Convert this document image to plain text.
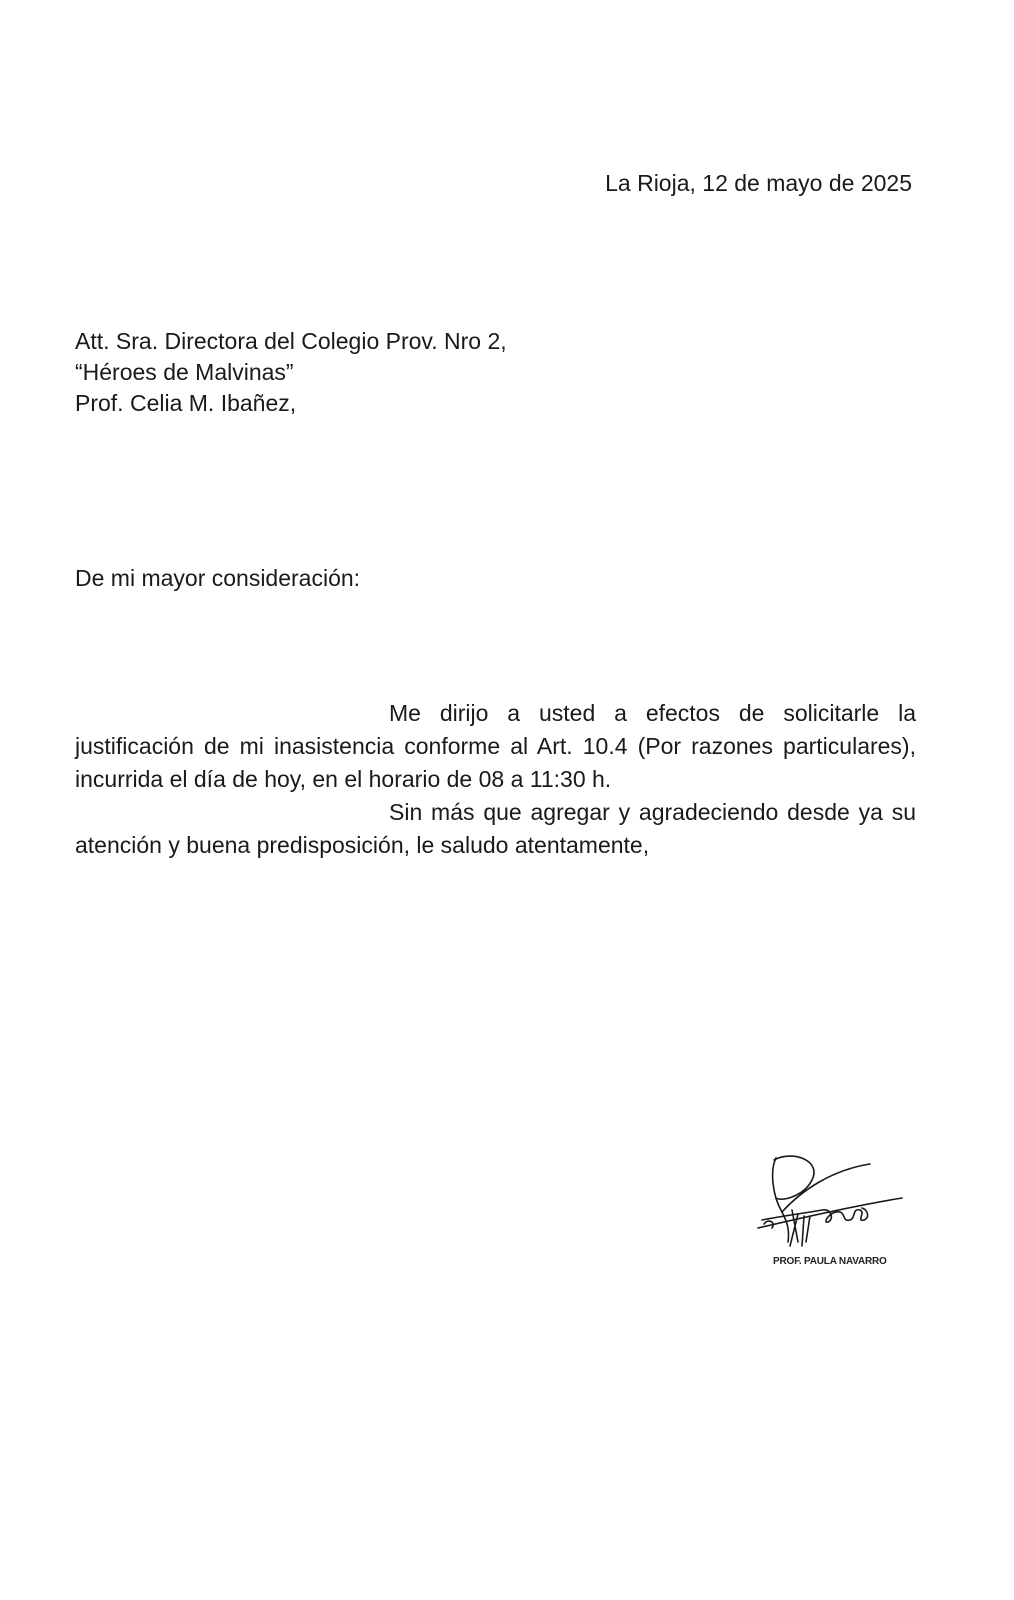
La Rioja, 12 de mayo de 2025
Att. Sra. Directora del Colegio Prov. Nro 2,
“Héroes de Malvinas”
Prof. Celia M. Ibañez,
De mi mayor consideración:

Me dirijo a usted a efectos de solicitarle la justificación de mi inasistencia conforme al Art. 10.4 (Por razones particulares), incurrida el día de hoy, en el horario de 08 a 11:30 h.

Sin más que agregar y agradeciendo desde ya su atención y buena predisposición, le saludo atentamente,

PROF. PAULA NAVARRO
